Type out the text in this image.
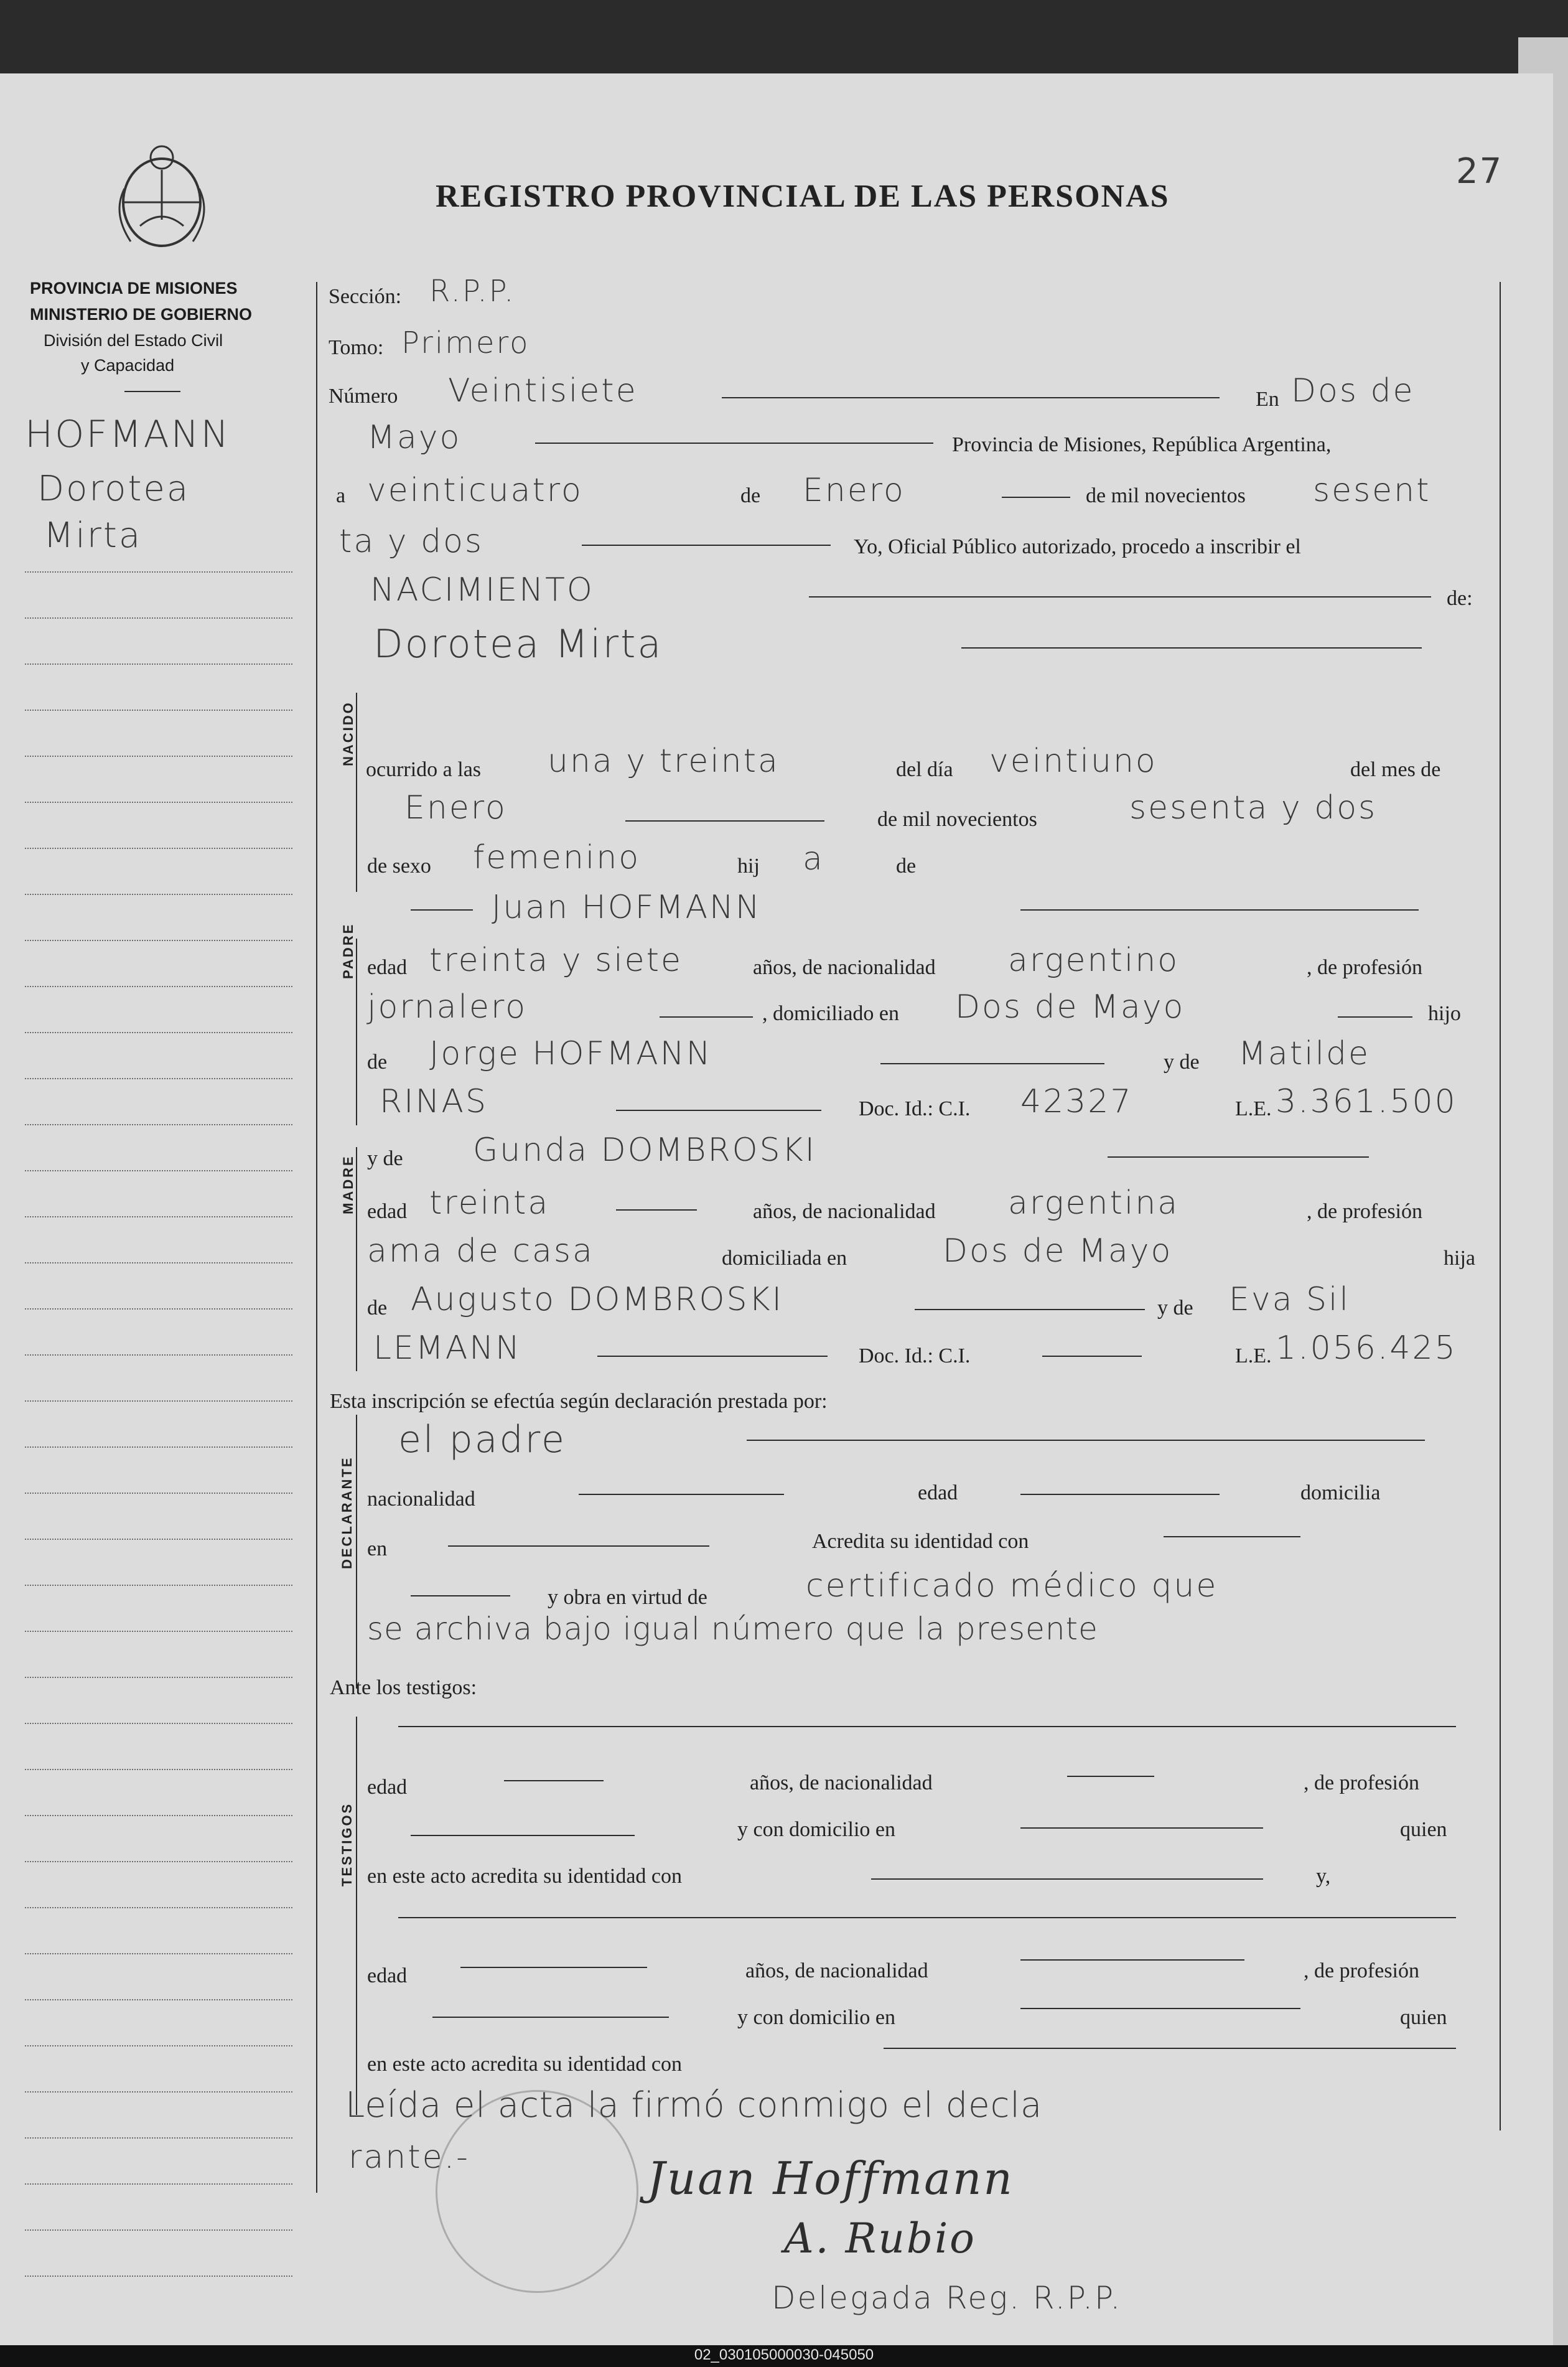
REGISTRO PROVINCIAL DE LAS PERSONAS
27
PROVINCIA DE MISIONES
MINISTERIO DE GOBIERNO
División del Estado Civil
y Capacidad
HOFMANN
Dorotea
Mirta
NACIDO
PADRE
MADRE
DECLARANTE
TESTIGOS
Sección: R.P.P.
Tomo: Primero
Número Veintisiete	En Dos de
Mayo	Provincia de Misiones, República Argentina,
a veinticuatro	de Enero	de mil novecientos sesent
ta y dos	Yo, Oficial Público autorizado, procedo a inscribir el
NACIMIENTO	de:
Dorotea Mirta
ocurrido a las una y treinta	del día veintiuno	del mes de
Enero	de mil novecientos	sesenta y dos
de sexo femenino	hij a	de
Juan HOFMANN
edad treinta y siete	años, de nacionalidad argentino	, de profesión
jornalero	, domiciliado en Dos de Mayo	hijo
de Jorge HOFMANN	y de Matilde
RINAS	Doc. Id.: C.I. 42327	L.E. 3.361.500
y de Gunda DOMBROSKI
edad treinta	años, de nacionalidad argentina	, de profesión
ama de casa	domiciliada en	Dos de Mayo	hija
de Augusto DOMBROSKI	y de Eva Sil
LEMANN	Doc. Id.: C.I.	L.E. 1.056.425
Esta inscripción se efectúa según declaración prestada por:
el padre
nacionalidad	edad	domicilia
en	Acredita su identidad con
y obra en virtud de	certificado médico que
se archiva bajo igual número que la presente
Ante los testigos:
edad	años, de nacionalidad	, de profesión
y con domicilio en	quien
en este acto acredita su identidad con	y,
edad	años, de nacionalidad	, de profesión
y con domicilio en	quien
en este acto acredita su identidad con
Leída el acta la firmó conmigo el decla
rante.-	Juan Hoffmann
A. Rubio
Delegada Reg. R.P.P.
02_030105000030-045050
